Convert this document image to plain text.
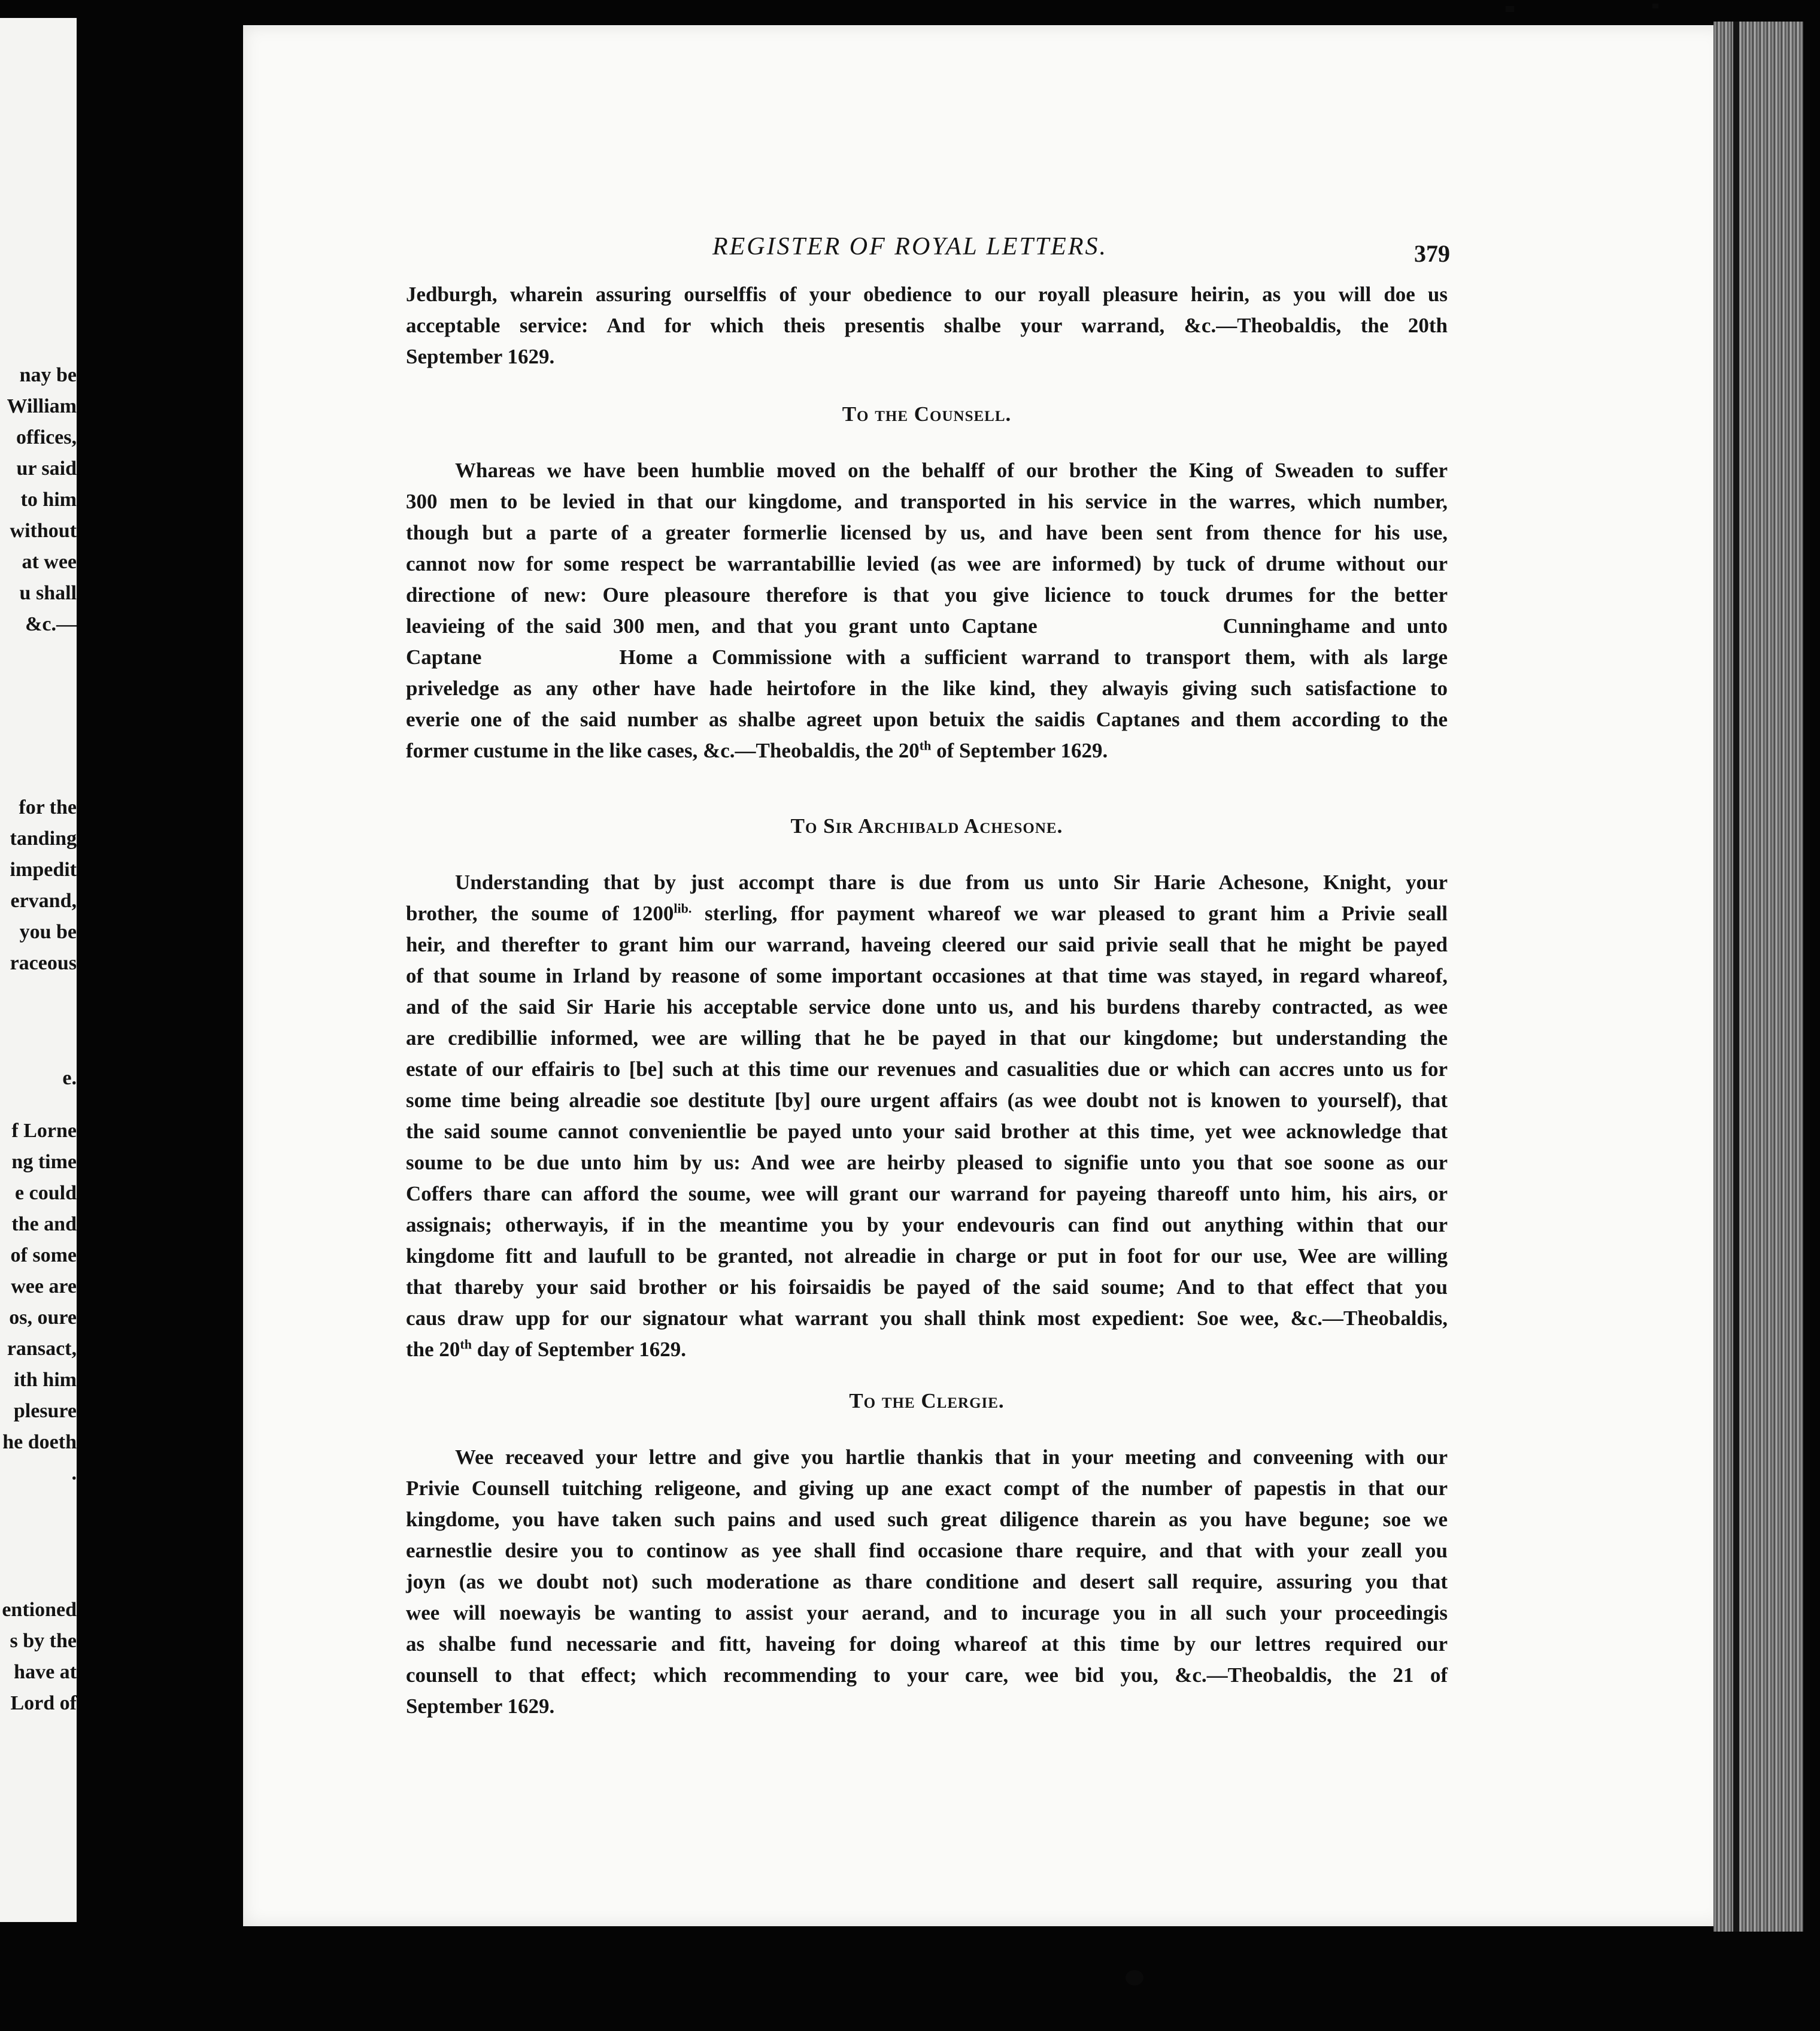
nay be
William
offices,
ur said
to him
without
at wee
u shall
&c.—
for the
tanding
impedit
ervand,
you be
raceous
e.
f Lorne
ng time
e could
the and
of some
wee are
os, oure
ransact,
ith him
plesure
he doeth
.
entioned
s by the
have at
Lord of
REGISTER OF ROYAL LETTERS.	379
Jedburgh, wharein assuring ourselffis of your obedience to our royall pleasure heirin, as you will doe us
acceptable service: And for which theis presentis shalbe your warrand, &c.—Theobaldis, the 20th
September 1629.
To the Counsell.
Whareas we have been humblie moved on the behalff of our brother the King of Sweaden to suffer
300 men to be levied in that our kingdome, and transported in his service in the warres, which number,
though but a parte of a greater formerlie licensed by us, and have been sent from thence for his use,
cannot now for some respect be warrantabillie levied (as wee are informed) by tuck of drume without our
directione of new: Oure pleasoure therefore is that you give licience to touck drumes for the better
leavieing of the said 300 men, and that you grant unto Captane	Cunninghame and unto
Captane	Home a Commissione with a sufficient warrand to transport them, with als large
priveledge as any other have hade heirtofore in the like kind, they alwayis giving such satisfactione to
everie one of the said number as shalbe agreet upon betuix the saidis Captanes and them according to the
former custume in the like cases, &c.—Theobaldis, the 20th of September 1629.
To Sir Archibald Achesone.
Understanding that by just accompt thare is due from us unto Sir Harie Achesone, Knight, your
brother, the soume of $1200^{lib.}$ sterling, ffor payment whareof we war pleased to grant him a Privie seall
heir, and therefter to grant him our warrand, haveing cleered our said privie seall that he might be payed
of that soume in Irland by reasone of some important occasiones at that time was stayed, in regard whareof,
and of the said Sir Harie his acceptable service done unto us, and his burdens thareby contracted, as wee
are credibillie informed, wee are willing that he be payed in that our kingdome; but understanding the
estate of our effairis to [be] such at this time our revenues and casualities due or which can accres unto us for
some time being alreadie soe destitute [by] oure urgent affairs (as wee doubt not is knowen to yourself), that
the said soume cannot convenientlie be payed unto your said brother at this time, yet wee acknowledge that
soume to be due unto him by us: And wee are heirby pleased to signifie unto you that soe soone as our
Coffers thare can afford the soume, wee will grant our warrand for payeing thareoff unto him, his airs, or
assignais; otherwayis, if in the meantime you by your endevouris can find out anything within that our
kingdome fitt and laufull to be granted, not alreadie in charge or put in foot for our use, Wee are willing
that thareby your said brother or his foirsaidis be payed of the said soume; And to that effect that you
caus draw upp for our signatour what warrant you shall think most expedient: Soe wee, &c.—Theobaldis,
the 20th day of September 1629.
To the Clergie.
Wee receaved your lettre and give you hartlie thankis that in your meeting and conveening with our
Privie Counsell tuitching religeone, and giving up ane exact compt of the number of papestis in that our
kingdome, you have taken such pains and used such great diligence tharein as you have begune; soe we
earnestlie desire you to continow as yee shall find occasione thare require, and that with your zeall you
joyn (as we doubt not) such moderatione as thare conditione and desert sall require, assuring you that
wee will noewayis be wanting to assist your aerand, and to incurage you in all such your proceedingis
as shalbe fund necessarie and fitt, haveing for doing whareof at this time by our lettres required our
counsell to that effect; which recommending to your care, wee bid you, &c.—Theobaldis, the 21 of
September 1629.
